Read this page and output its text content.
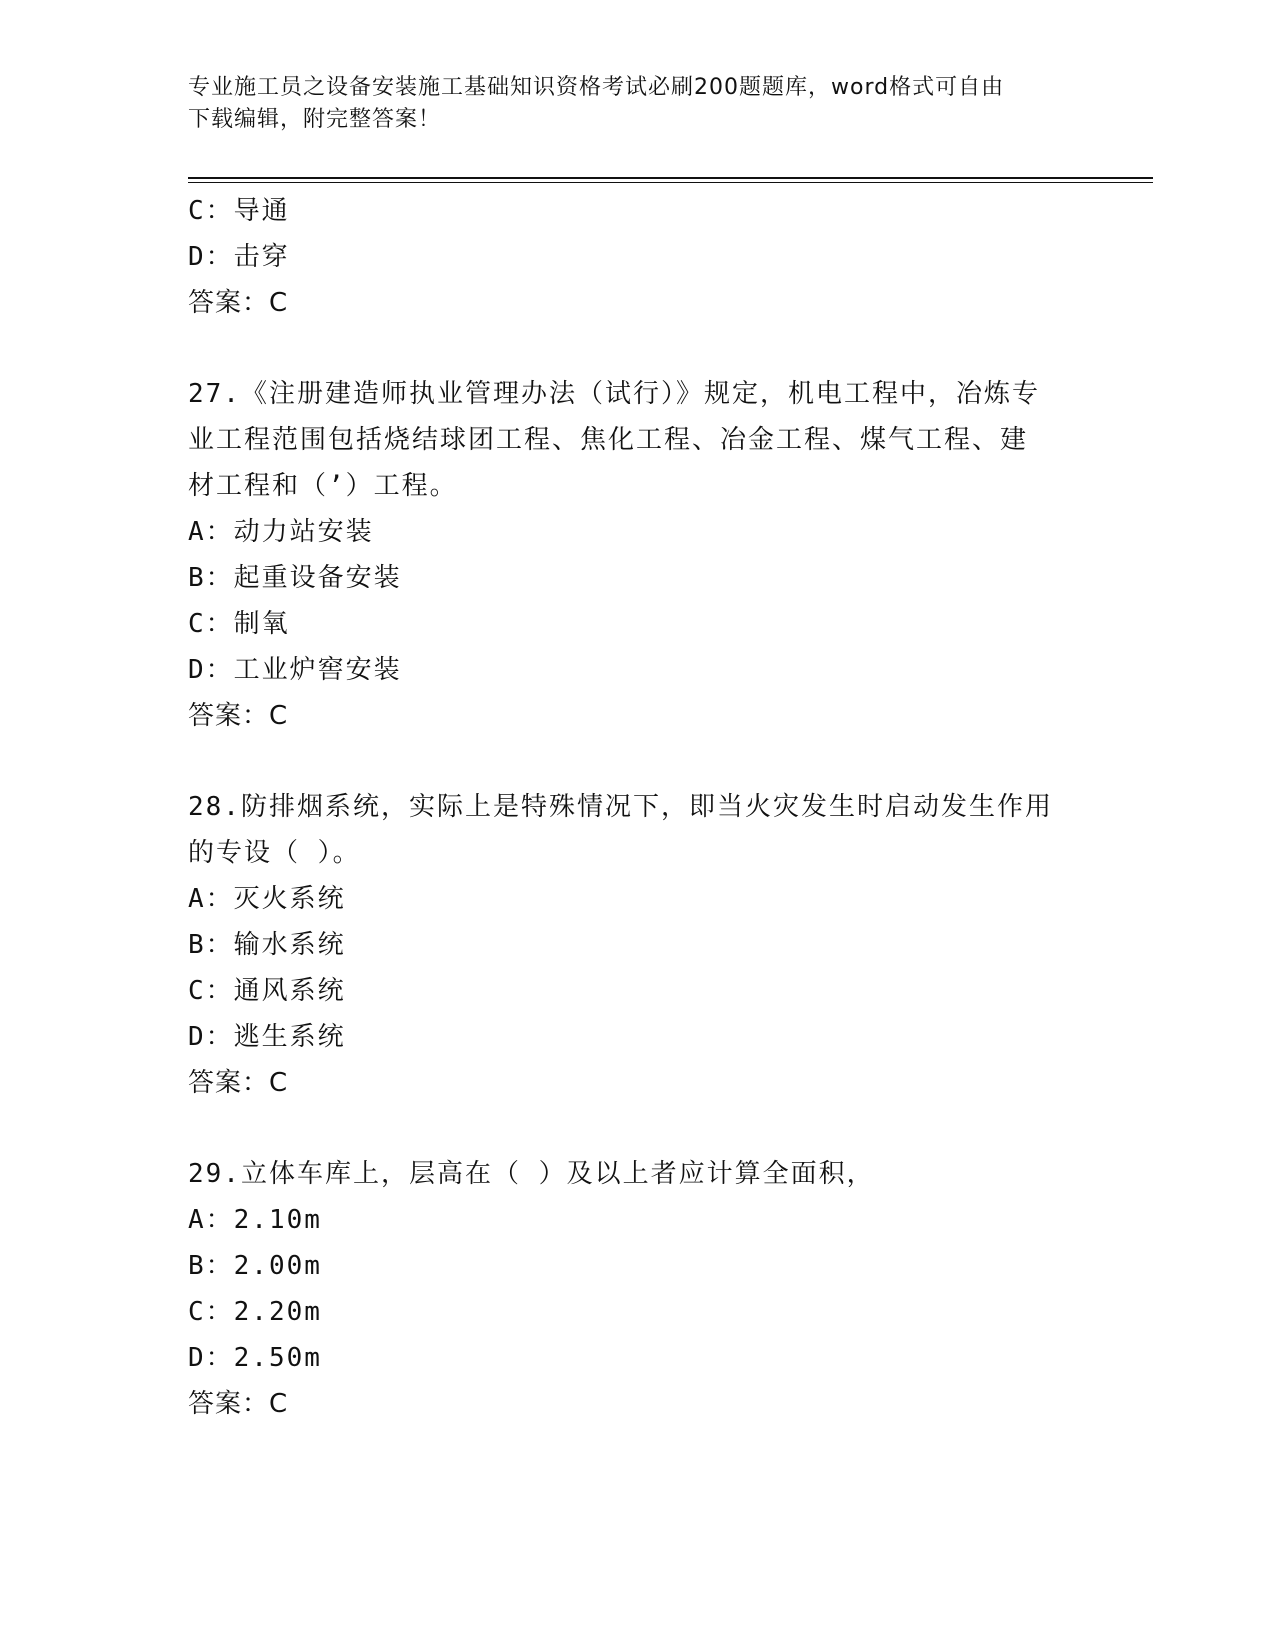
专业施工员之设备安装施工基础知识资格考试必刷200题题库，word格式可自由
下载编辑，附完整答案！
C：导通
D：击穿
答案：C
27.《注册建造师执业管理办法（试行）》规定，机电工程中，冶炼专
业工程范围包括烧结球团工程、焦化工程、冶金工程、煤气工程、建
材工程和（’）工程。
A：动力站安装
B：起重设备安装
C：制氧
D：工业炉窖安装
答案：C
28.防排烟系统，实际上是特殊情况下，即当火灾发生时启动发生作用
的专设（ ）。
A：灭火系统
B：输水系统
C：通风系统
D：逃生系统
答案：C
29.立体车库上，层高在（ ）及以上者应计算全面积，
A：2.10m
B：2.00m
C：2.20m
D：2.50m
答案：C
